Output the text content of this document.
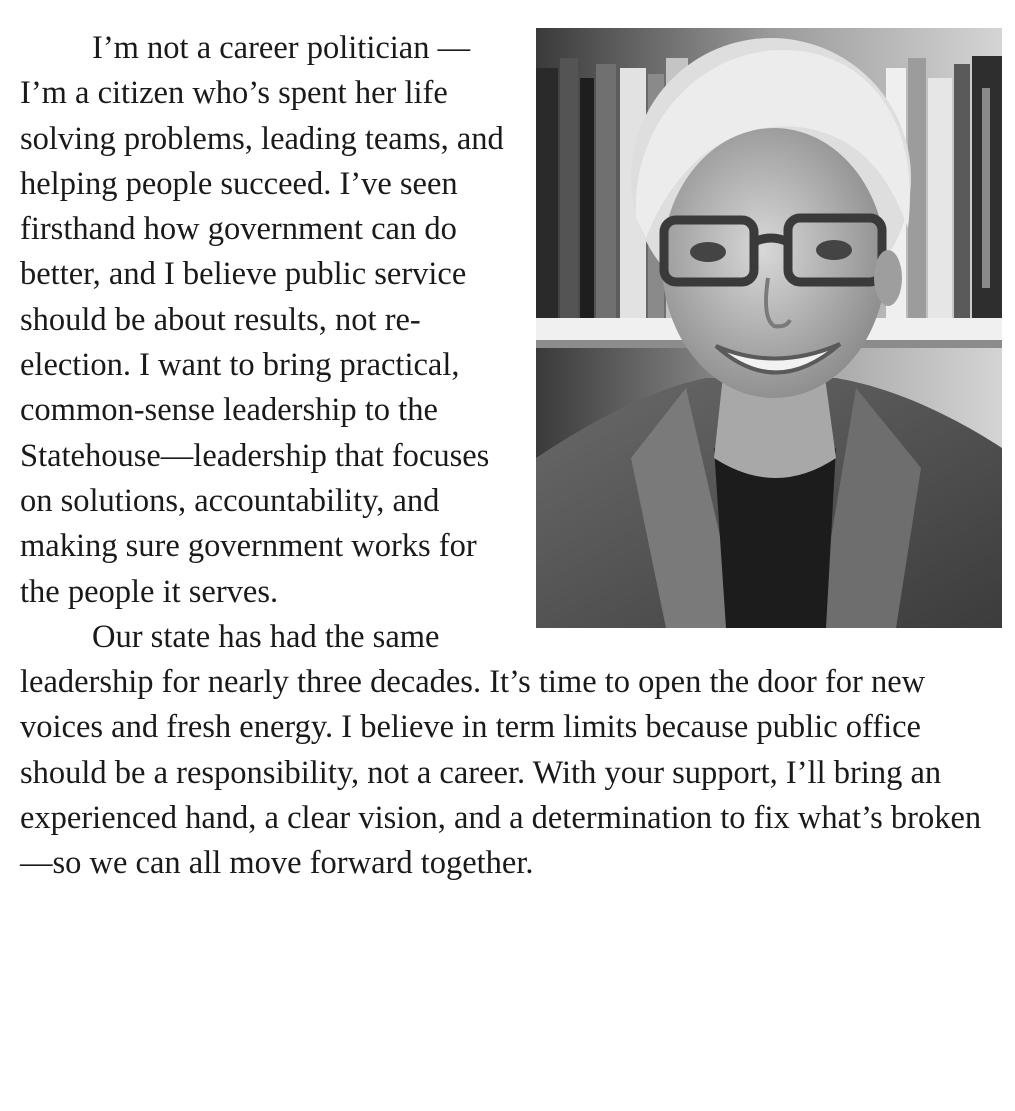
I’m not a career politician —I’m a citizen who’s spent her life solving problems, leading teams, and helping people succeed. I’ve seen firsthand how government can do better, and I believe public service should be about results, not re-election. I want to bring practical, common-sense leadership to the Statehouse—leadership that focuses on solutions, accountability, and making sure government works for the people it serves.

Our state has had the same leadership for nearly three decades. It’s time to open the door for new voices and fresh energy. I believe in term limits because public office should be a responsibility, not a career. With your support, I’ll bring an experienced hand, a clear vision, and a determination to fix what’s broken—so we can all move forward together.
